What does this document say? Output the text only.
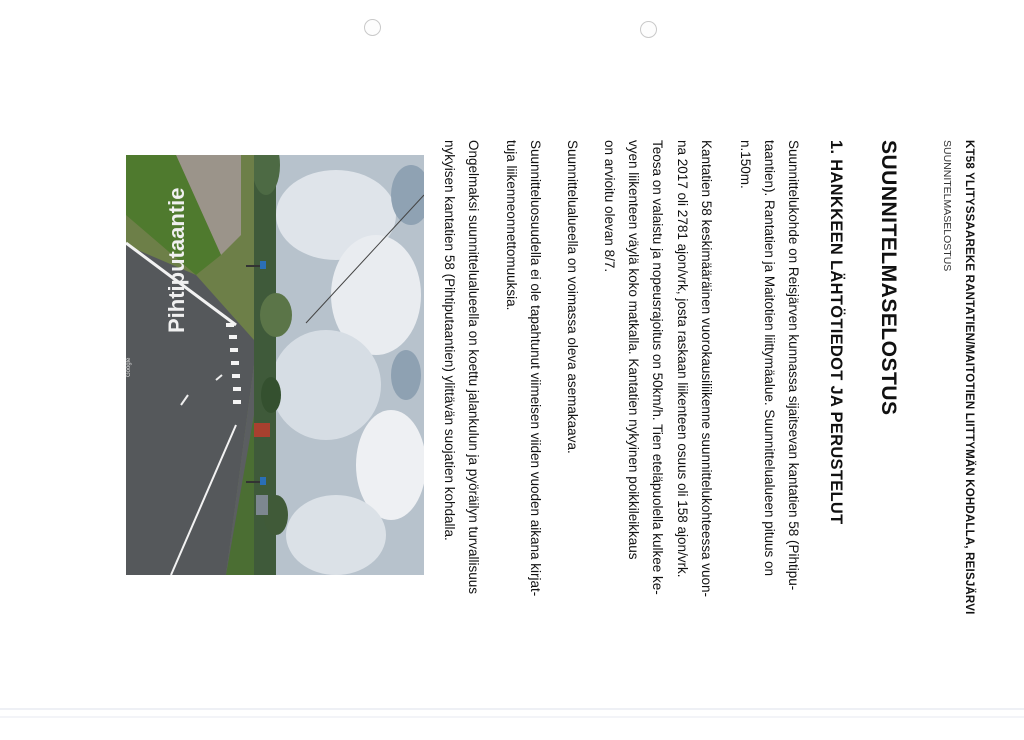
Pihtiputaantie
Google	KT58 YLITYSSAAREKE RANTATIEN/MAITOTIEN LIITTYMÄN KOHDALLA, REISJÄRVI
SUUNNITELMASELOSTUS
SUUNNITELMASELOSTUS
1. HANKKEEN LÄHTÖTIEDOT JA PERUSTELUT
Suunnittelukohde on Reisjärven kunnassa sijaitsevan kantatien 58 (Pihtipu-
taantien). Rantatien ja Maitotien liittymäalue. Suunnittelualueen pituus on
n.150m.
Kantatien 58 keskimääräinen vuorokausiliikenne suunnittelukohteessa vuon-
na 2017 oli 2781 ajon/vrk, josta raskaan liikenteen osuus oli 158 ajon/vrk.
Teosa on valaistu ja nopeusrajoitus on 50km/h. Tien eteläpuolella kulkee ke-
vyen liikenteen väylä koko matkalla. Kantatien nykyinen poikkileikkaus
on arvioitu olevan 8/7.
Suunnittelualueella on voimassa oleva asemakaava.
Suunnitteluosuudella ei ole tapahtunut viimeisen viiden vuoden aikana kirjat-
tuja liikenneonnettomuuksia.
Ongelmaksi suunnittelualueella on koettu jalankulun ja pyöräilyn turvallisuus
nykyisen kantatien 58 (Pihtiputaantien) ylittävän suojatien kohdalla.
